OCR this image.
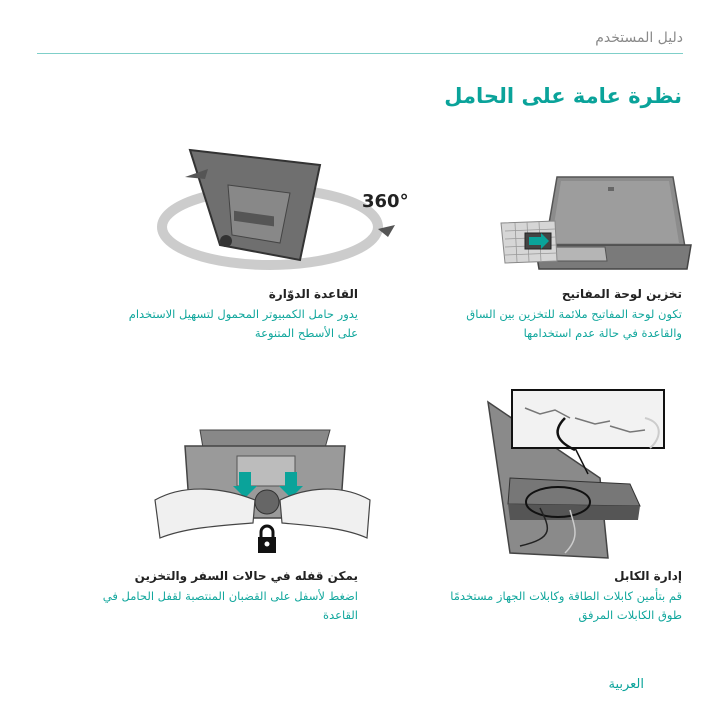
دليل المستخدم
نظرة عامة على الحامل
360°
تخزين لوحة المفاتيح
تكون لوحة المفاتيح ملائمة للتخزين بين الساق
والقاعدة في حالة عدم استخدامها
القاعدة الدوّارة
يدور حامل الكمبيوتر المحمول لتسهيل الاستخدام
على الأسطح المتنوعة
إدارة الكابل
قم بتأمين كابلات الطاقة وكابلات الجهاز مستخدمًا
طوق الكابلات المرفق
يمكن قفله في حالات السفر والتخزين
اضغط لأسفل على القضبان المنتصبة لقفل الحامل في
القاعدة
العربية
